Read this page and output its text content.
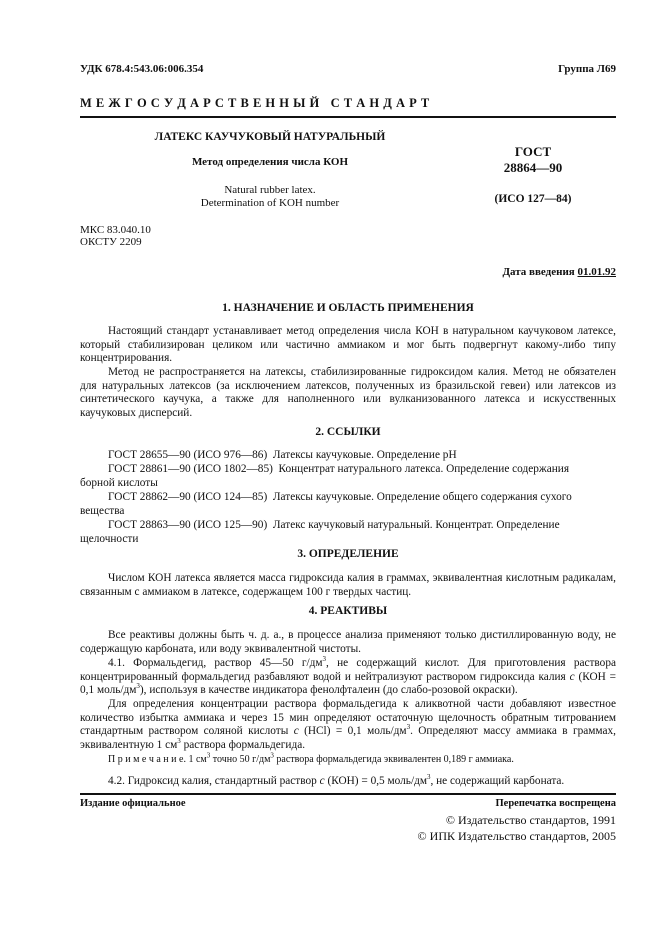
УДК 678.4:543.06:006.354	Группа Л69
М Е Ж Г О С У Д А Р С Т В Е Н Н Ы Й   С Т А Н Д А Р Т
ЛАТЕКС КАУЧУКОВЫЙ НАТУРАЛЬНЫЙ
Метод определения числа КОН
Natural rubber latex.
Determination of KOH number
ГОСТ
28864—90
(ИСО 127—84)
МКС 83.040.10
ОКСТУ 2209
Дата введения 01.01.92
1. НАЗНАЧЕНИЕ И ОБЛАСТЬ ПРИМЕНЕНИЯ
Настоящий стандарт устанавливает метод определения числа КОН в натуральном каучуковом латексе, который стабилизирован целиком или частично аммиаком и мог быть подвергнут какому-либо типу концентрирования.
Метод не распространяется на латексы, стабилизированные гидроксидом калия. Метод не обязателен для натуральных латексов (за исключением латексов, полученных из бразильской гевеи) или латексов из синтетического каучука, а также для наполненного или вулканизованного латекса и искусственных каучуковых дисперсий.
2. ССЫЛКИ
ГОСТ 28655—90 (ИСО 976—86) Латексы каучуковые. Определение pH
ГОСТ 28861—90 (ИСО 1802—85) Концентрат натурального латекса. Определение содержания
борной кислоты
ГОСТ 28862—90 (ИСО 124—85) Латексы каучуковые. Определение общего содержания сухого
вещества
ГОСТ 28863—90 (ИСО 125—90) Латекс каучуковый натуральный. Концентрат. Определение
щелочности
3. ОПРЕДЕЛЕНИЕ
Числом КОН латекса является масса гидроксида калия в граммах, эквивалентная кислотным радикалам, связанным с аммиаком в латексе, содержащем 100 г твердых частиц.
4. РЕАКТИВЫ
Все реактивы должны быть ч. д. а., в процессе анализа применяют только дистиллированную воду, не содержащую карбоната, или воду эквивалентной чистоты.
4.1. Формальдегид, раствор 45—50 $г/дм^3$, не содержащий кислот. Для приготовления раствора концентрированный формальдегид разбавляют водой и нейтрализуют раствором гидроксида калия c (КОН = 0,1 моль/$дм^3$), используя в качестве индикатора фенолфталеин (до слабо-розовой окраски).
Для определения концентрации раствора формальдегида к аликвотной части добавляют известное количество избытка аммиака и через 15 мин определяют остаточную щелочность обратным титрованием стандартным раствором соляной кислоты c (HCl) = 0,1 моль/$дм^3$. Определяют массу аммиака в граммах, эквивалентную 1 $см^3$ раствора формальдегида.
П р и м е ч а н и е. 1 $см^3$ точно 50 $г/дм^3$ раствора формальдегида эквивалентен 0,189 г аммиака.
4.2. Гидроксид калия, стандартный раствор c (КОН) = 0,5 моль/$дм^3$, не содержащий карбоната.
Издание официальное	Перепечатка воспрещена
© Издательство стандартов, 1991
© ИПК Издательство стандартов, 2005
